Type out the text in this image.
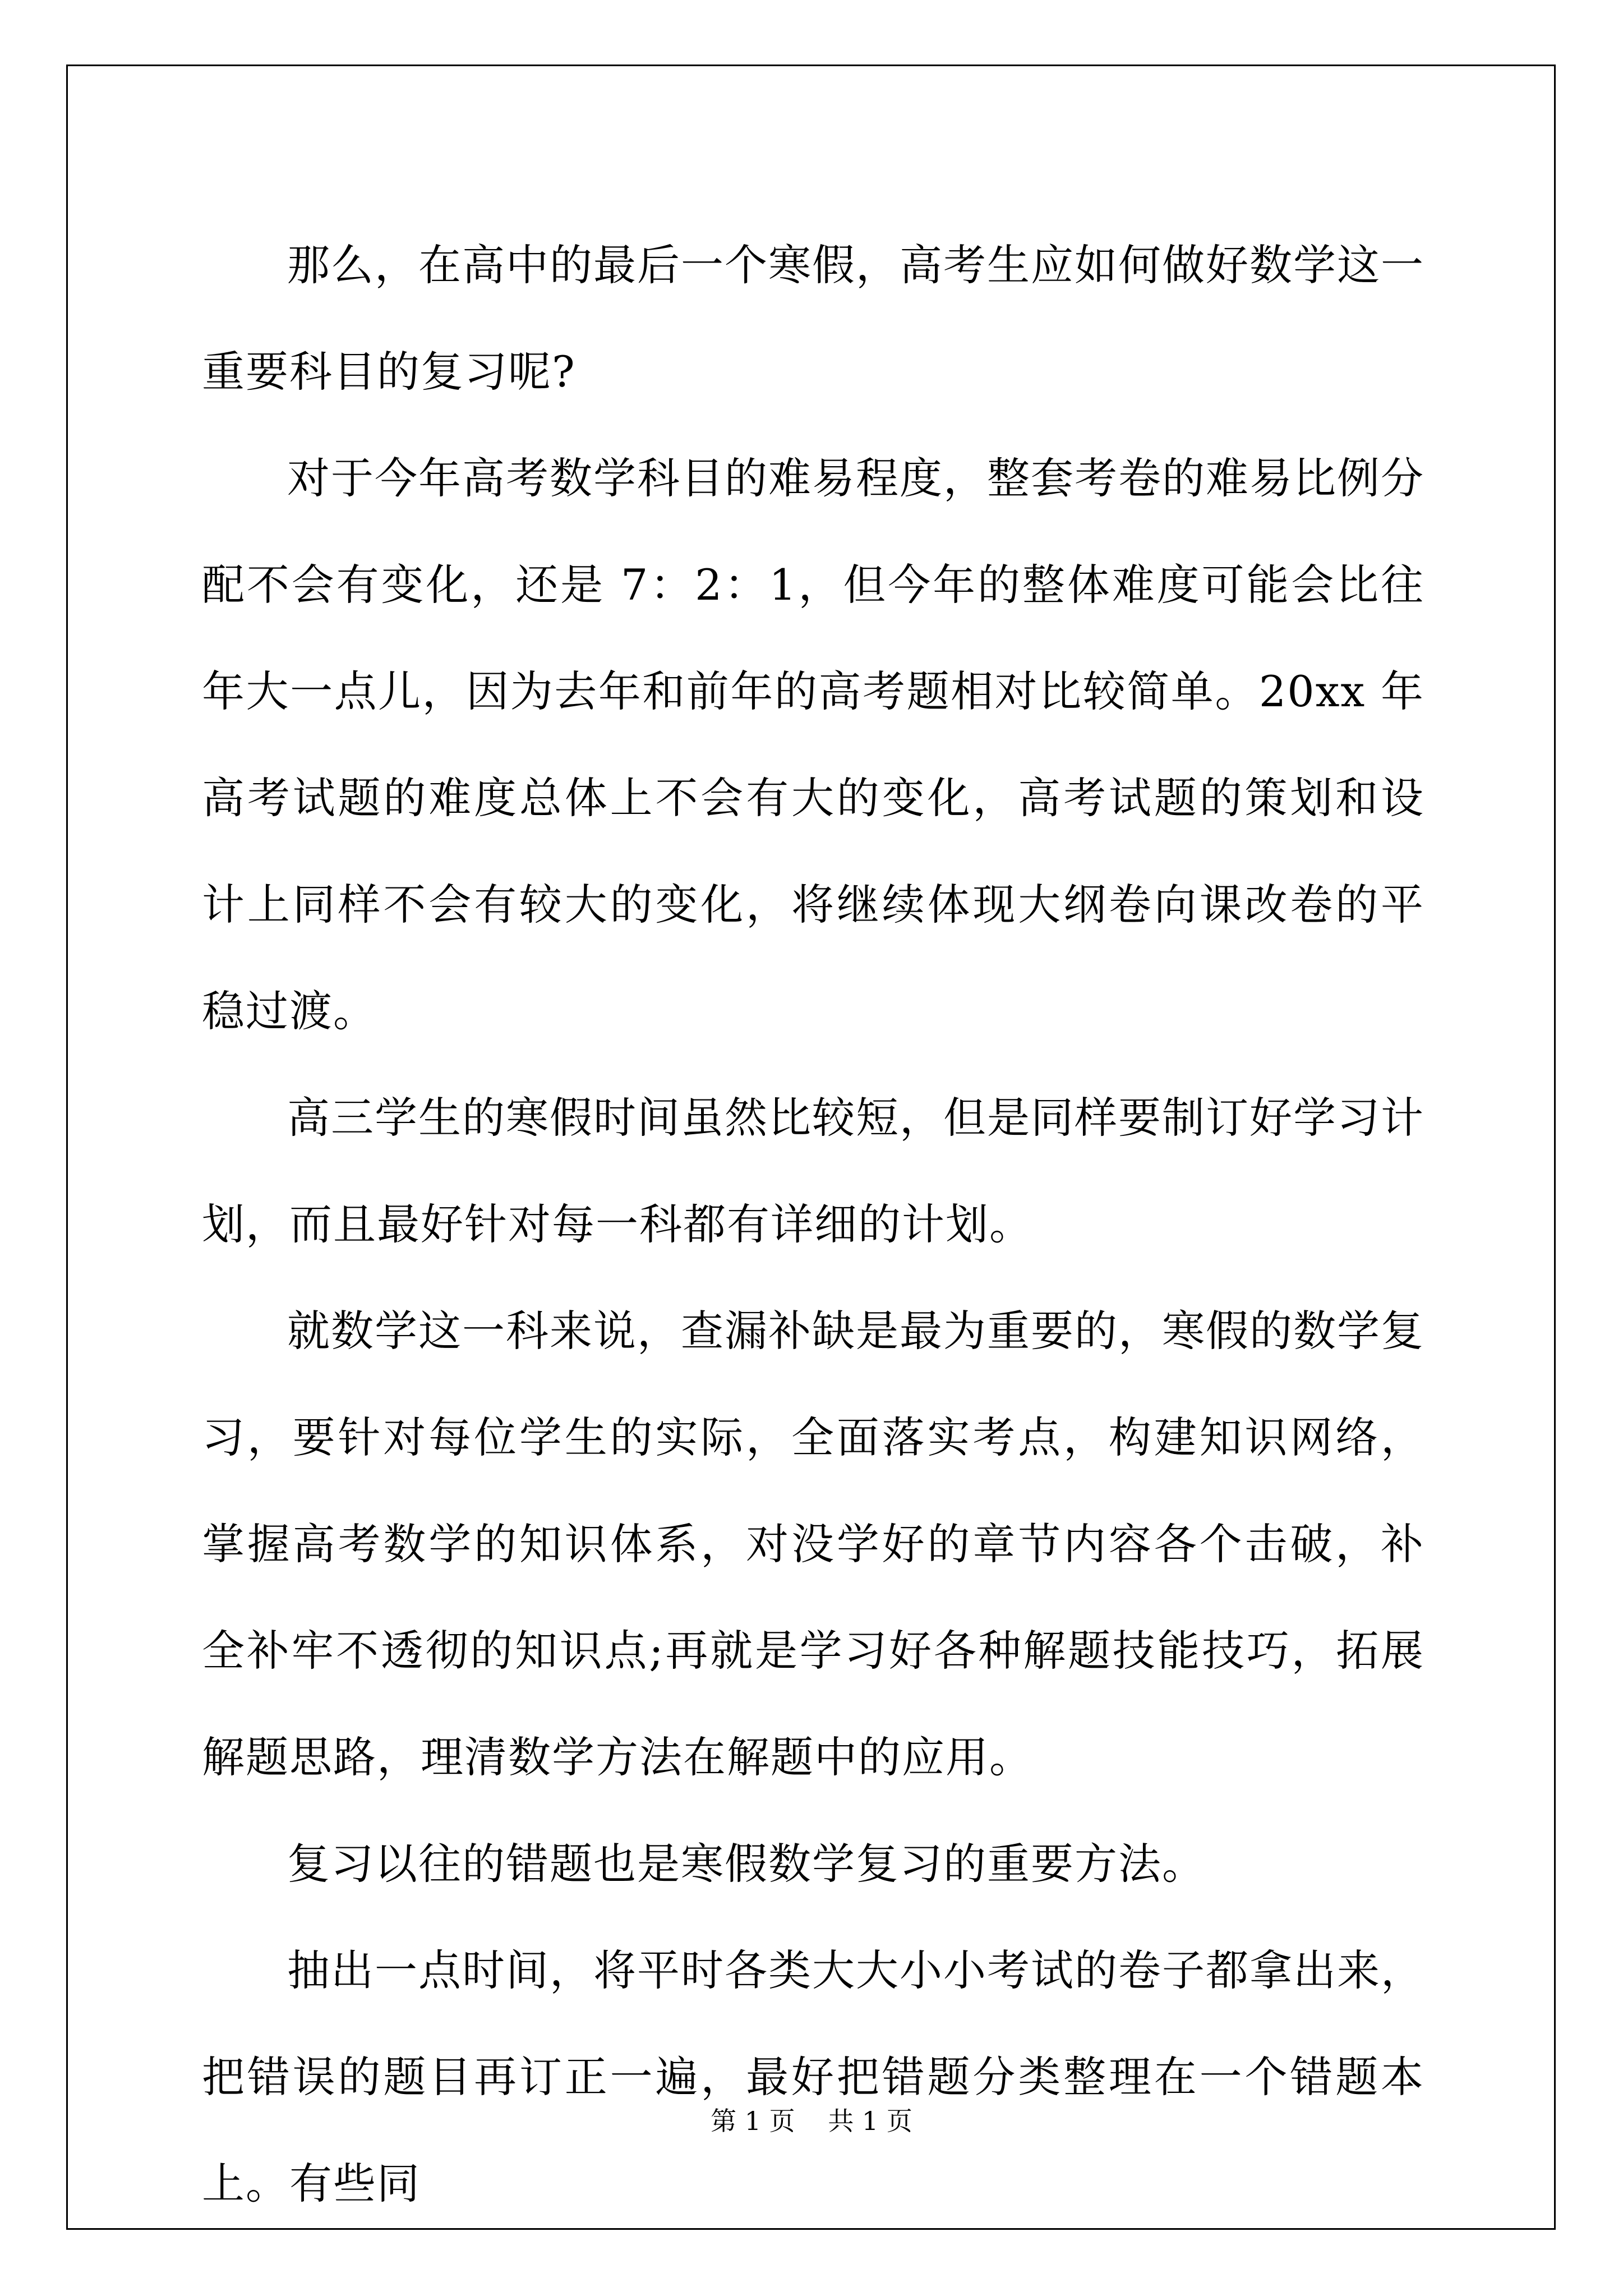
那么，在高中的最后一个寒假，高考生应如何做好数学这一重要科目的复习呢?

对于今年高考数学科目的难易程度，整套考卷的难易比例分配不会有变化，还是 7：2：1，但今年的整体难度可能会比往年大一点儿，因为去年和前年的高考题相对比较简单。20xx 年高考试题的难度总体上不会有大的变化，高考试题的策划和设计上同样不会有较大的变化，将继续体现大纲卷向课改卷的平稳过渡。

高三学生的寒假时间虽然比较短，但是同样要制订好学习计划，而且最好针对每一科都有详细的计划。

就数学这一科来说，查漏补缺是最为重要的，寒假的数学复习，要针对每位学生的实际，全面落实考点，构建知识网络，掌握高考数学的知识体系，对没学好的章节内容各个击破，补全补牢不透彻的知识点;再就是学习好各种解题技能技巧，拓展解题思路，理清数学方法在解题中的应用。

复习以往的错题也是寒假数学复习的重要方法。

抽出一点时间，将平时各类大大小小考试的卷子都拿出来，把错误的题目再订正一遍，最好把错题分类整理在一个错题本上。有些同

第 1 页 共 1 页
